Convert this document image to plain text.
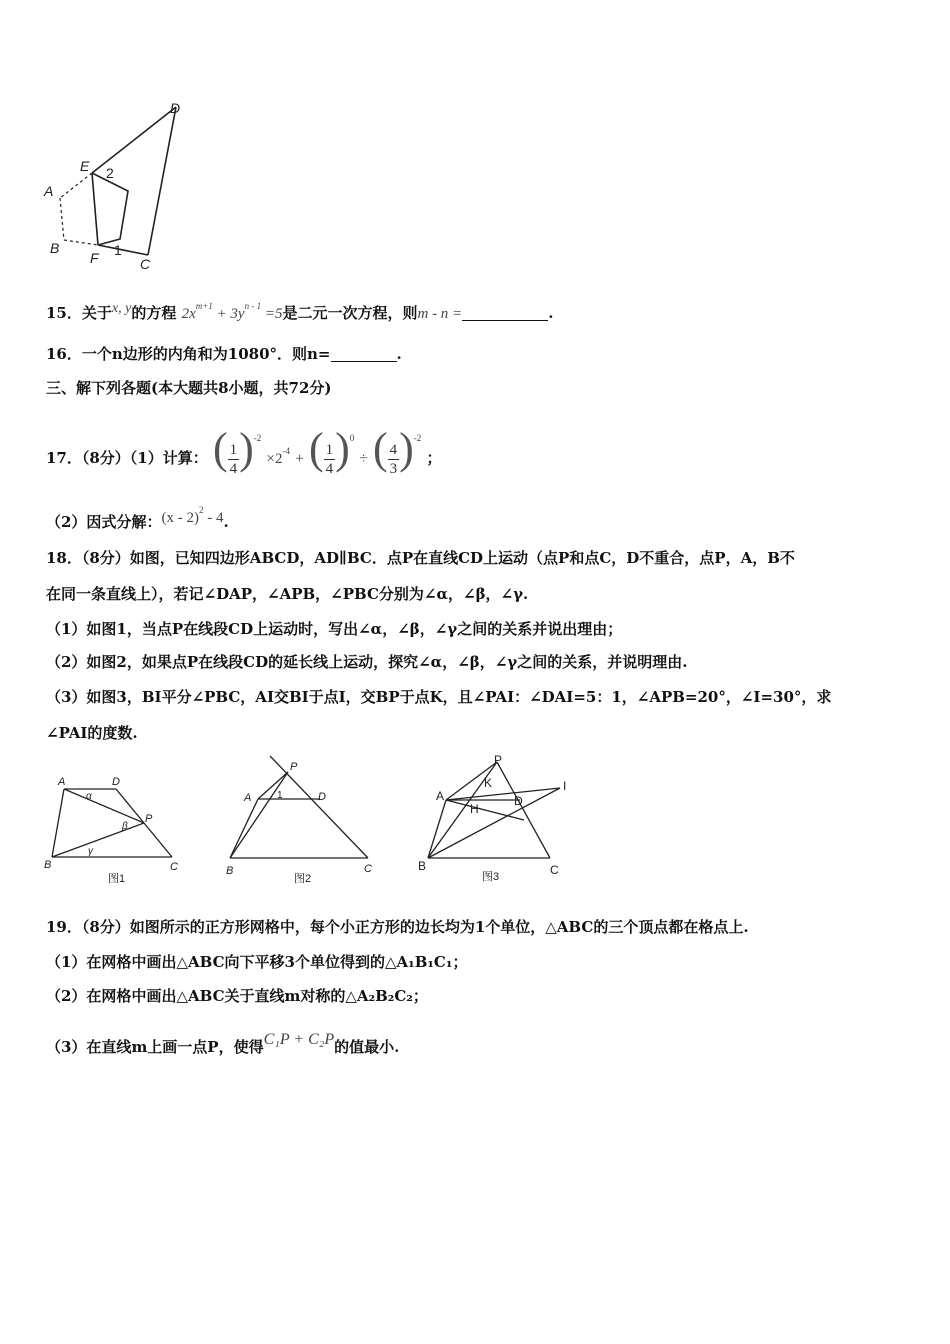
D
E
A
B
F	C
2
1
15．关于x, y的方程 $2x^{m+1} + 3y^{n - 1} =5$是二元一次方程，则m - n =	.
16．一个n边形的内角和为1080°．则n=	.
三、解下列各题(本大题共8小题，共72分)
17．（8分）（1）计算： ( $\frac{1}{4} )^{-2} \times 2^{-4}$ + ( $\frac{1}{4} )^0$ ÷ ( $\frac{4}{3} )^{-2}$ ；
（2）因式分解：(x - 2)$^2$ - 4.
18．（8分）如图，已知四边形ABCD，AD∥BC．点P在直线CD上运动（点P和点C，D不重合，点P，A，B不
在同一条直线上），若记∠DAP，∠APB，∠PBC分别为∠α，∠β，∠γ.
（1）如图1，当点P在线段CD上运动时，写出∠α，∠β，∠γ之间的关系并说出理由；
（2）如图2，如果点P在线段CD的延长线上运动，探究∠α，∠β，∠γ之间的关系，并说明理由.
（3）如图3，BI平分∠PBC，AI交BI于点I，交BP于点K，且∠PAI：∠DAI=5：1，∠APB=20°，∠I=30°，求
∠PAI的度数.
A	D
B	C
P
α
β
γ
图1
A	D
B	C
P
1
图2
A	D
B	C
P
K
H
I
图3
19．（8分）如图所示的正方形网格中，每个小正方形的边长均为1个单位，△ABC的三个顶点都在格点上.
（1）在网格中画出△ABC向下平移3个单位得到的△A₁B₁C₁；
（2）在网格中画出△ABC关于直线m对称的△A₂B₂C₂；
（3）在直线m上画一点P，使得C₁P + C₂P的值最小.
